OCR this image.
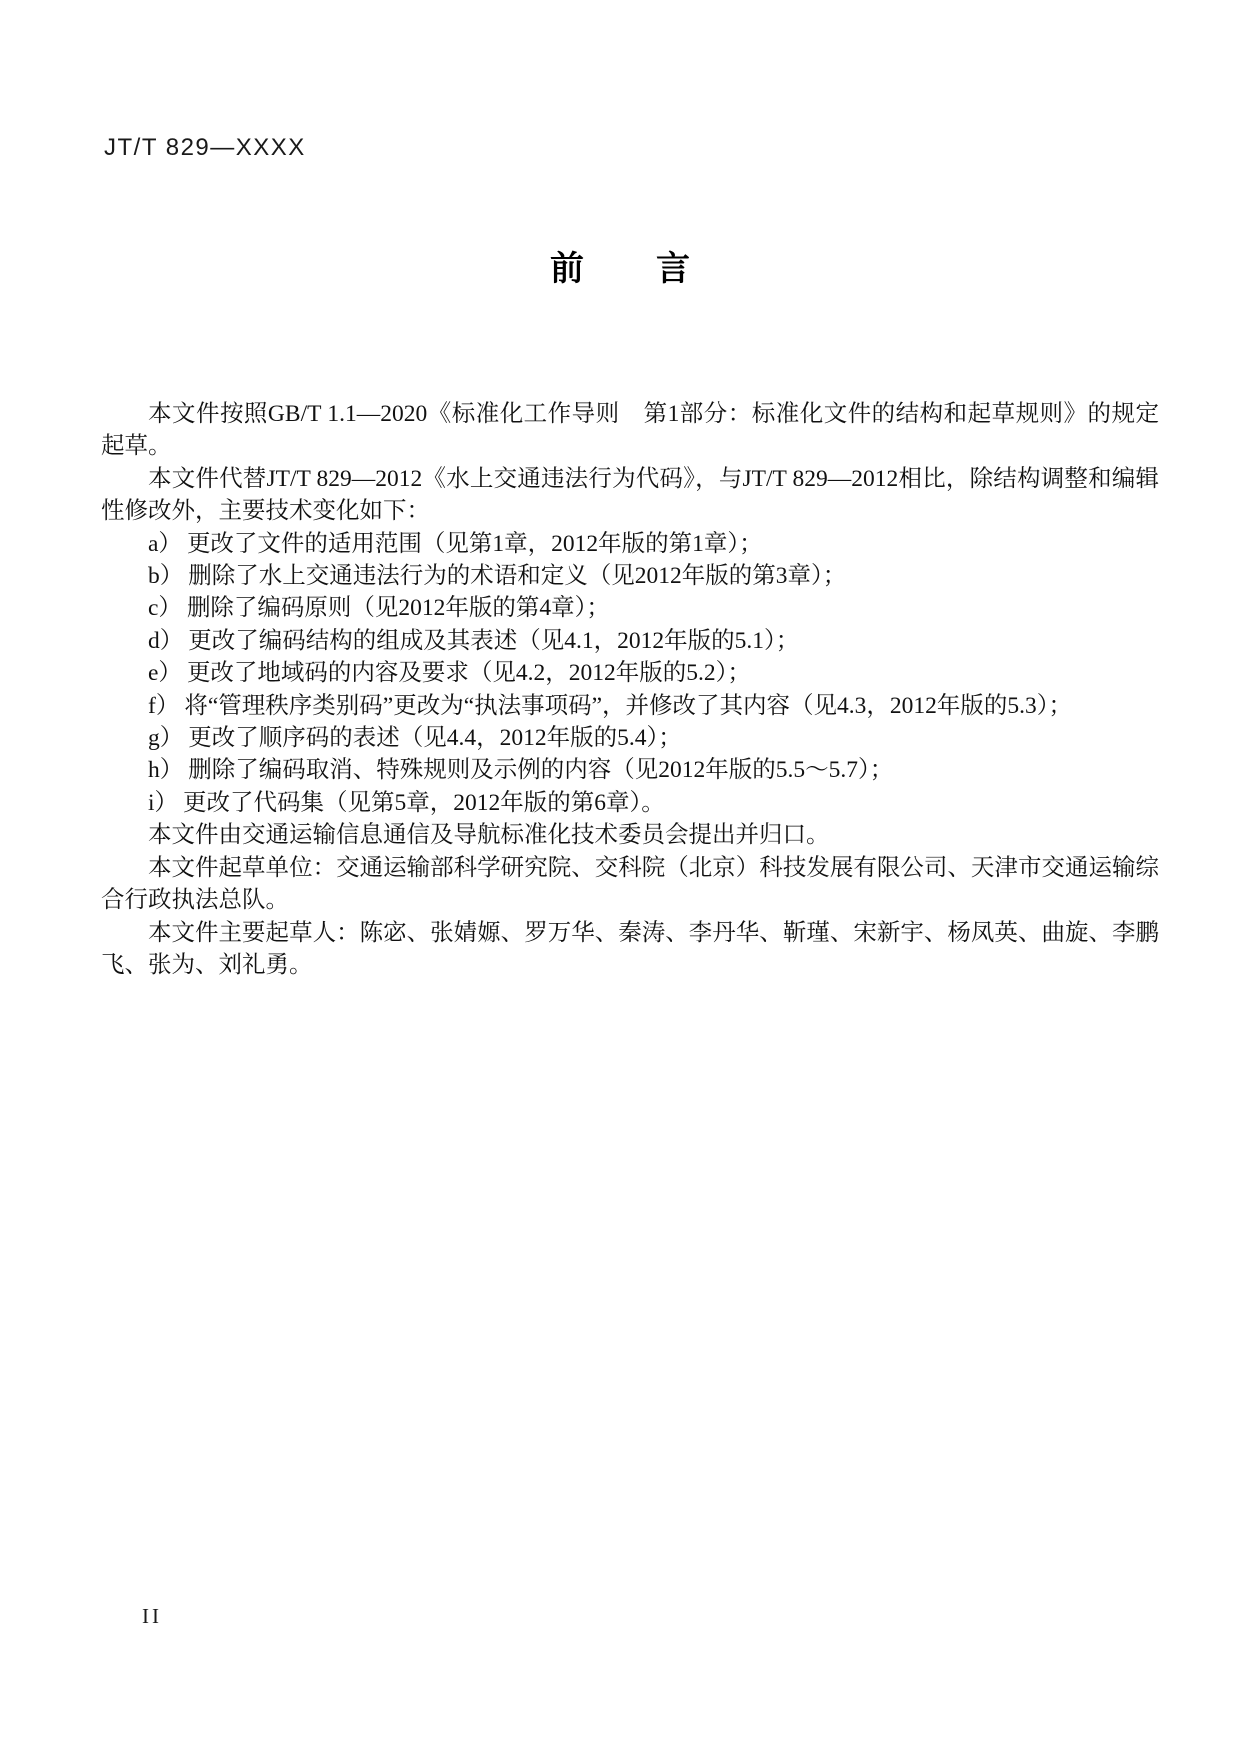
JT/T 829—XXXX
前 言

本文件按照GB/T 1.1—2020《标准化工作导则　第1部分：标准化文件的结构和起草规则》的规定起草。

本文件代替JT/T 829—2012《水上交通违法行为代码》，与JT/T 829—2012相比，除结构调整和编辑性修改外，主要技术变化如下：

a） 更改了文件的适用范围（见第1章，2012年版的第1章）；

b） 删除了水上交通违法行为的术语和定义（见2012年版的第3章）；

c） 删除了编码原则（见2012年版的第4章）；

d） 更改了编码结构的组成及其表述（见4.1，2012年版的5.1）；

e） 更改了地域码的内容及要求（见4.2，2012年版的5.2）；

f） 将“管理秩序类别码”更改为“执法事项码”，并修改了其内容（见4.3，2012年版的5.3）；

g） 更改了顺序码的表述（见4.4，2012年版的5.4）；

h） 删除了编码取消、特殊规则及示例的内容（见2012年版的5.5～5.7）；

i） 更改了代码集（见第5章，2012年版的第6章）。

本文件由交通运输信息通信及导航标准化技术委员会提出并归口。

本文件起草单位：交通运输部科学研究院、交科院（北京）科技发展有限公司、天津市交通运输综合行政执法总队。

本文件主要起草人：陈宓、张婧嫄、罗万华、秦涛、李丹华、靳瑾、宋新宇、杨凤英、曲旋、李鹏飞、张为、刘礼勇。

II
